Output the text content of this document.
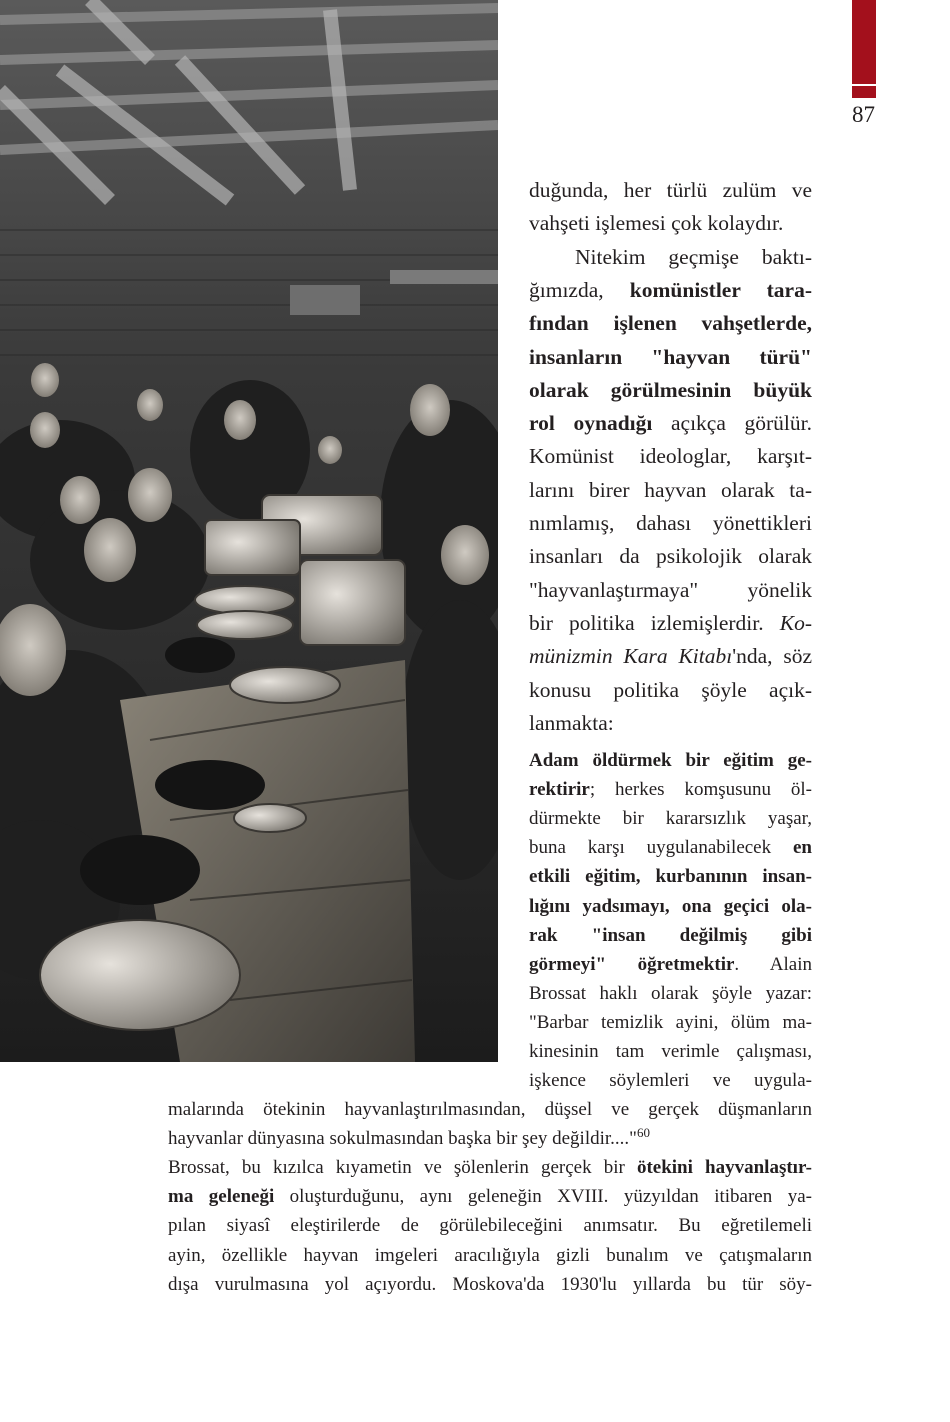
87
duğunda, her türlü zulüm ve
vahşeti işlemesi çok kolaydır.
Nitekim geçmişe baktı-
ğımızda, komünistler tara-
fından işlenen vahşetlerde,
insanların "hayvan türü"
olarak görülmesinin büyük
rol oynadığı açıkça görülür.
Komünist ideologlar, karşıt-
larını birer hayvan olarak ta-
nımlamış, dahası yönettikleri
insanları da psikolojik olarak
"hayvanlaştırmaya" yönelik
bir politika izlemişlerdir. Ko-
münizmin Kara Kitabı'nda, söz
konusu politika şöyle açık-
lanmakta:
Adam öldürmek bir eğitim ge-
rektirir; herkes komşusunu öl-
dürmekte bir kararsızlık yaşar,
buna karşı uygulanabilecek en
etkili eğitim, kurbanının insan-
lığını yadsımayı, ona geçici ola-
rak "insan değilmiş gibi
görmeyi" öğretmektir. Alain
Brossat haklı olarak şöyle yazar:
"Barbar temizlik ayini, ölüm ma-
kinesinin tam verimle çalışması,
işkence söylemleri ve uygula-
malarında ötekinin hayvanlaştırılmasından, düşsel ve gerçek düşmanların
hayvanlar dünyasına sokulmasından başka bir şey değildir...."$^{60}$
Brossat, bu kızılca kıyametin ve şölenlerin gerçek bir ötekini hayvanlaştır-
ma geleneği oluşturduğunu, aynı geleneğin XVIII. yüzyıldan itibaren ya-
pılan siyasî eleştirilerde de görülebileceğini anımsatır. Bu eğretilemeli
ayin, özellikle hayvan imgeleri aracılığıyla gizli bunalım ve çatışmaların
dışa vurulmasına yol açıyordu. Moskova'da 1930'lu yıllarda bu tür söy-
